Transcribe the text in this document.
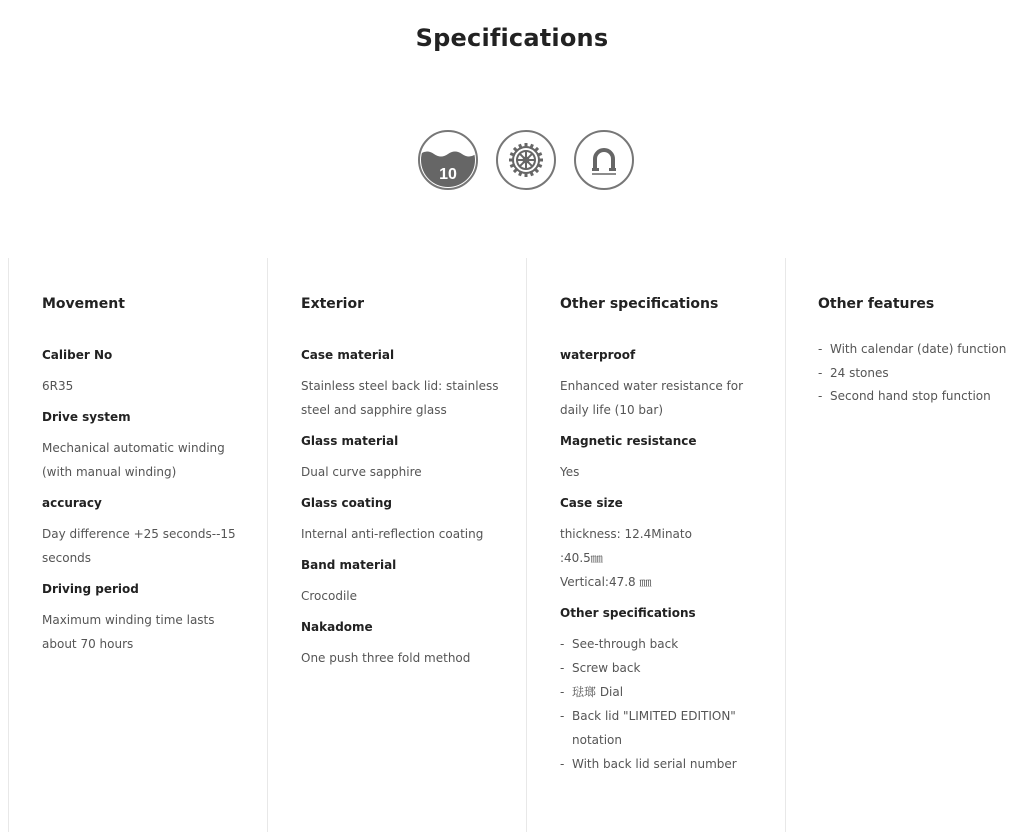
Specifications
10
Movement
Caliber No
6R35
Drive system
Mechanical automatic winding
(with manual winding)
accuracy
Day difference +25 seconds--15
seconds
Driving period
Maximum winding time lasts
about 70 hours
Exterior
Case material
Stainless steel back lid: stainless
steel and sapphire glass
Glass material
Dual curve sapphire
Glass coating
Internal anti-reflection coating
Band material
Crocodile
Nakadome
One push three fold method
Other specifications
waterproof
Enhanced water resistance for
daily life (10 bar)
Magnetic resistance
Yes
Case size
thickness: 12.4Minato
:40.5㎜
Vertical:47.8 ㎜
Other specifications
- See-through back
- Screw back
- 琺瑯 Dial
- Back lid "LIMITED EDITION"
notation
- With back lid serial number
Other features
- With calendar (date) function
- 24 stones
- Second hand stop function
